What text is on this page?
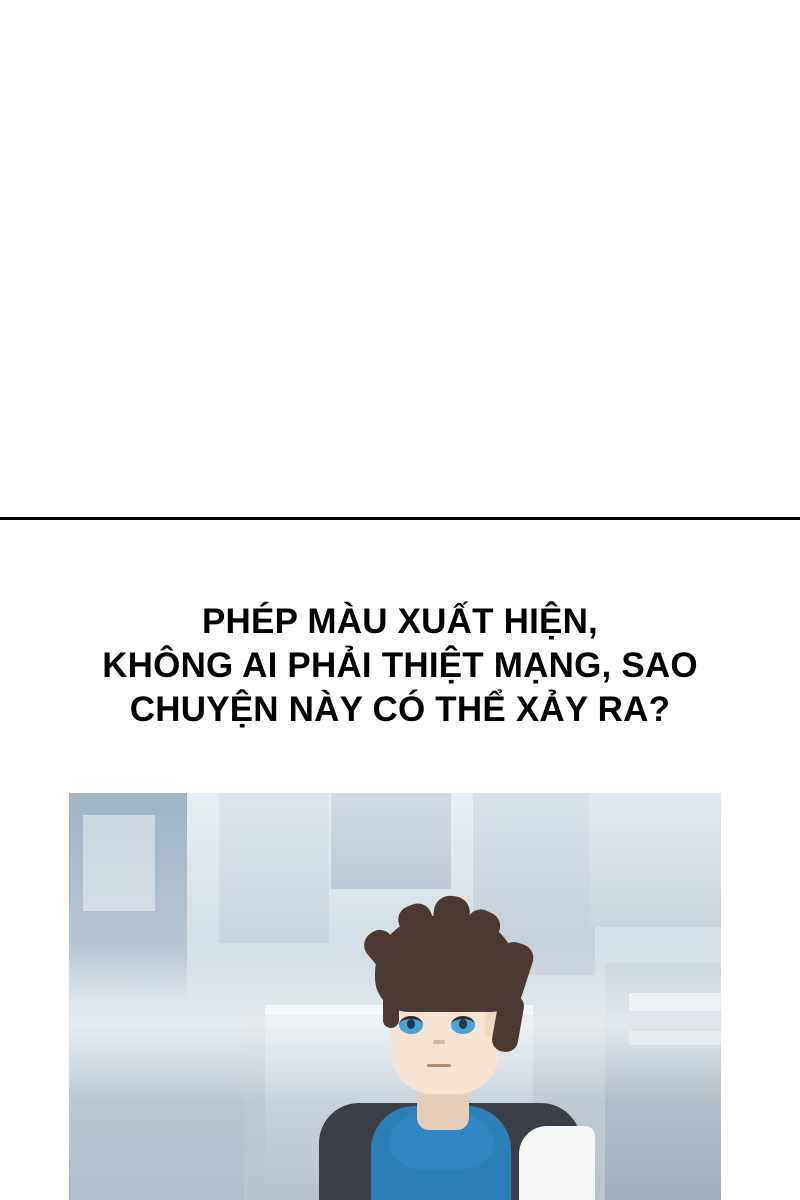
PHÉP MÀU XUẤT HIỆN,
KHÔNG AI PHẢI THIỆT MẠNG, SAO
CHUYỆN NÀY CÓ THỂ XẢY RA?
